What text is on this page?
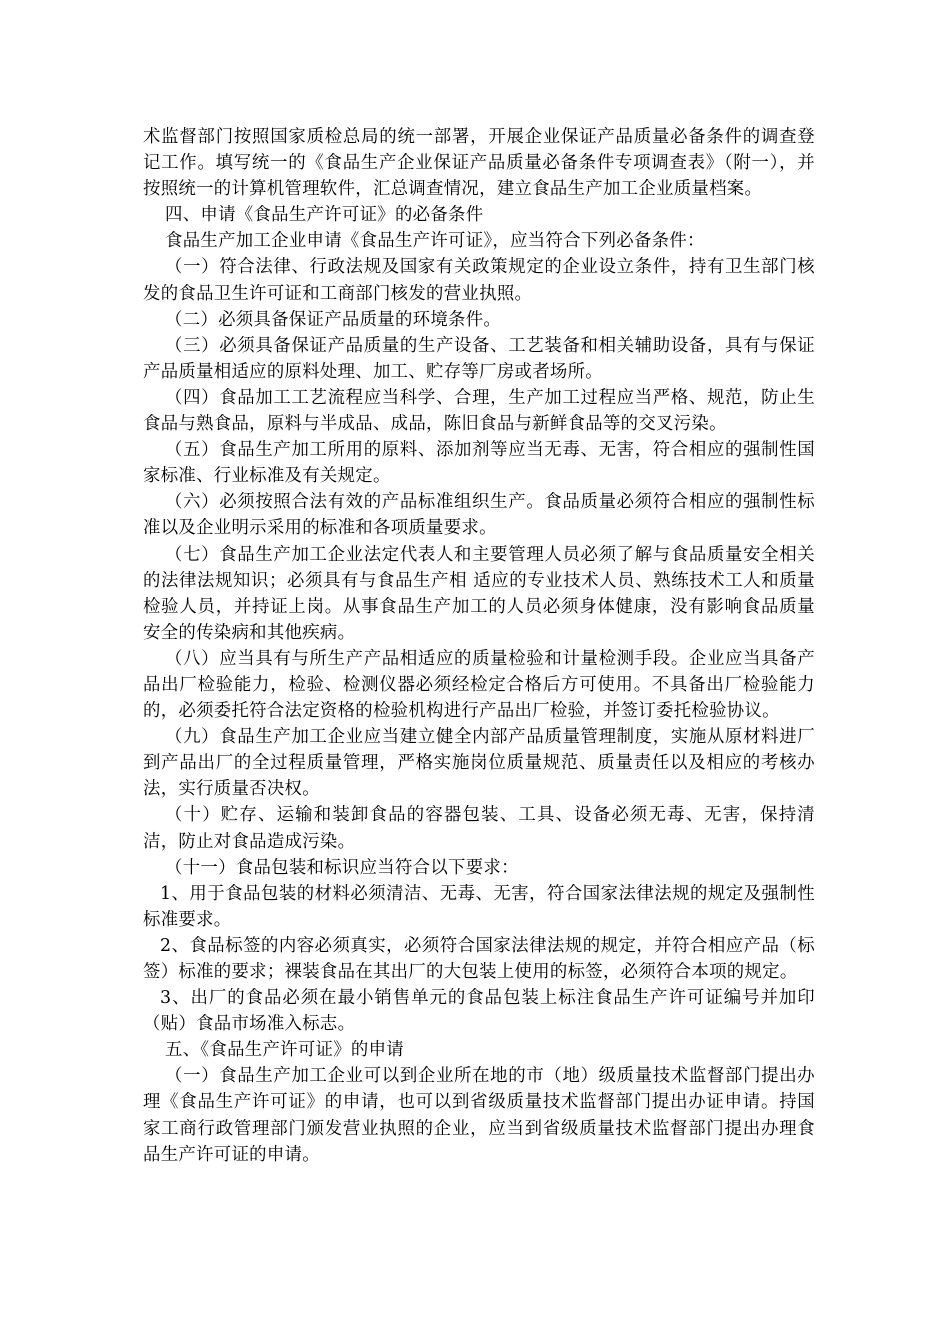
术监督部门按照国家质检总局的统一部署，开展企业保证产品质量必备条件的调查登记工作。填写统一的《食品生产企业保证产品质量必备条件专项调查表》（附一），并按照统一的计算机管理软件，汇总调查情况，建立食品生产加工企业质量档案。

四、申请《食品生产许可证》的必备条件

食品生产加工企业申请《食品生产许可证》，应当符合下列必备条件：

（一）符合法律、行政法规及国家有关政策规定的企业设立条件，持有卫生部门核发的食品卫生许可证和工商部门核发的营业执照。

（二）必须具备保证产品质量的环境条件。

（三）必须具备保证产品质量的生产设备、工艺装备和相关辅助设备，具有与保证产品质量相适应的原料处理、加工、贮存等厂房或者场所。

（四）食品加工工艺流程应当科学、合理，生产加工过程应当严格、规范，防止生食品与熟食品，原料与半成品、成品，陈旧食品与新鲜食品等的交叉污染。

（五）食品生产加工所用的原料、添加剂等应当无毒、无害，符合相应的强制性国家标准、行业标准及有关规定。

（六）必须按照合法有效的产品标准组织生产。食品质量必须符合相应的强制性标准以及企业明示采用的标准和各项质量要求。

（七）食品生产加工企业法定代表人和主要管理人员必须了解与食品质量安全相关的法律法规知识；必须具有与食品生产相 适应的专业技术人员、熟练技术工人和质量检验人员，并持证上岗。从事食品生产加工的人员必须身体健康，没有影响食品质量安全的传染病和其他疾病。

（八）应当具有与所生产产品相适应的质量检验和计量检测手段。企业应当具备产品出厂检验能力，检验、检测仪器必须经检定合格后方可使用。不具备出厂检验能力的，必须委托符合法定资格的检验机构进行产品出厂检验，并签订委托检验协议。

（九）食品生产加工企业应当建立健全内部产品质量管理制度，实施从原材料进厂到产品出厂的全过程质量管理，严格实施岗位质量规范、质量责任以及相应的考核办法，实行质量否决权。

（十）贮存、运输和装卸食品的容器包装、工具、设备必须无毒、无害，保持清洁，防止对食品造成污染。

（十一）食品包装和标识应当符合以下要求：

1、用于食品包装的材料必须清洁、无毒、无害，符合国家法律法规的规定及强制性标准要求。

2、食品标签的内容必须真实，必须符合国家法律法规的规定，并符合相应产品（标签）标准的要求；裸装食品在其出厂的大包装上使用的标签，必须符合本项的规定。

3、出厂的食品必须在最小销售单元的食品包装上标注食品生产许可证编号并加印（贴）食品市场准入标志。

五、《食品生产许可证》的申请

（一）食品生产加工企业可以到企业所在地的市（地）级质量技术监督部门提出办理《食品生产许可证》的申请，也可以到省级质量技术监督部门提出办证申请。持国家工商行政管理部门颁发营业执照的企业，应当到省级质量技术监督部门提出办理食品生产许可证的申请。
